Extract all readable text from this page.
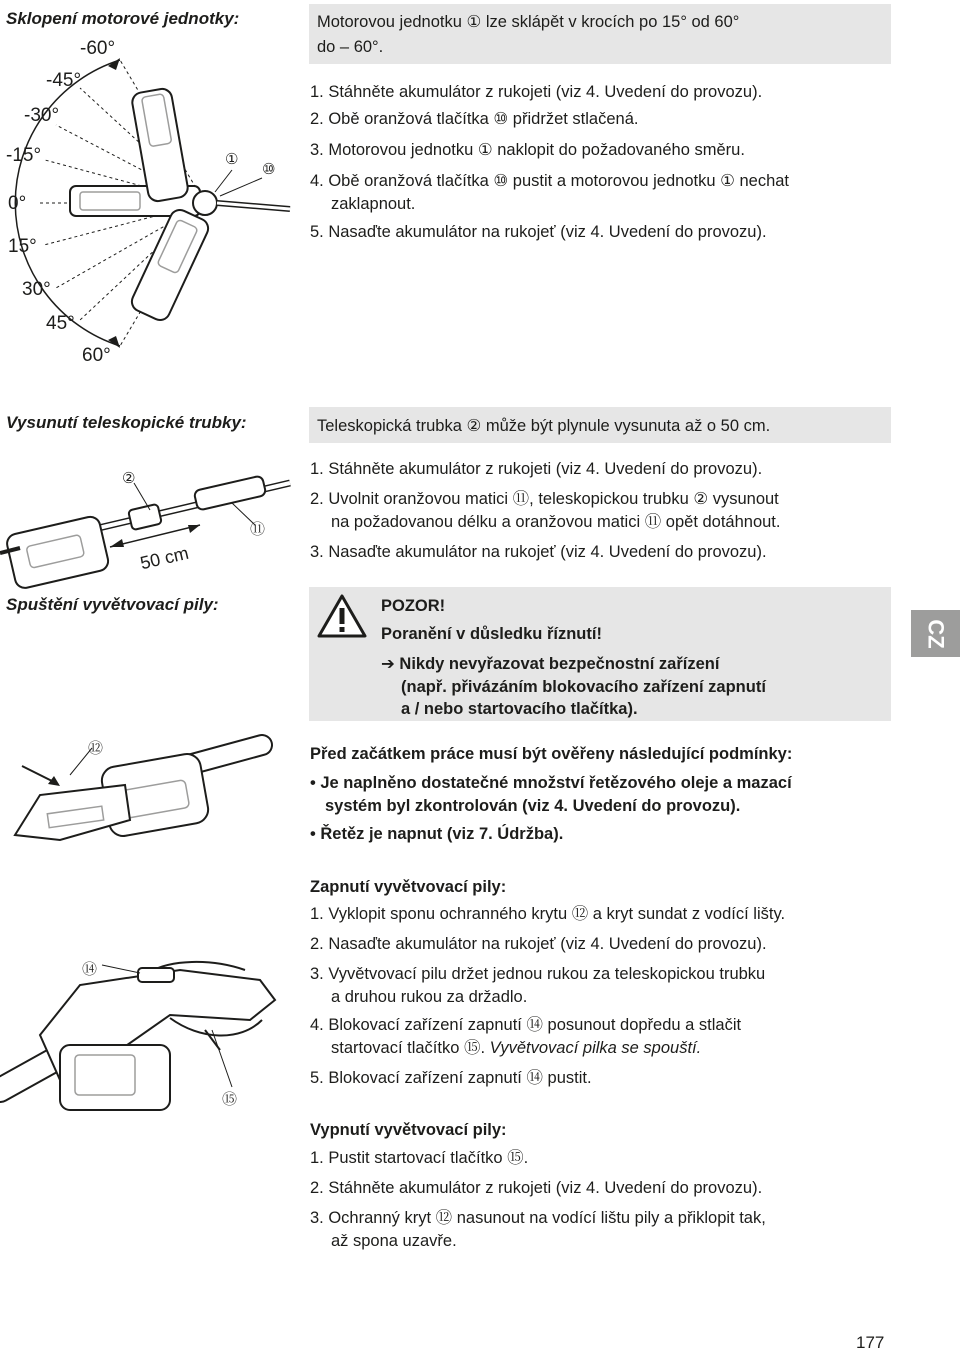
Sklopení motorové jednotky:
-60°
-45°
-30°
-15°
0°
15°
30°
45°
60°
①
⑩
Motorovou jednotku ① lze sklápět v krocích po 15° od 60°
do – 60°.
1. Stáhněte akumulátor z rukojeti (viz 4. Uvedení do provozu).
2. Obě oranžová tlačítka ⑩ přidržet stlačená.
3. Motorovou jednotku ① naklopit do požadovaného směru.
4. Obě oranžová tlačítka ⑩ pustit a motorovou jednotku ① nechat
zaklapnout.
5. Nasaďte akumulátor na rukojeť (viz 4. Uvedení do provozu).
Vysunutí teleskopické trubky:	Teleskopická trubka ② může být plynule vysunuta až o 50 cm.
②
⑪
50 cm
1. Stáhněte akumulátor z rukojeti (viz 4. Uvedení do provozu).
2. Uvolnit oranžovou matici ⑪, teleskopickou trubku ② vysunout
na požadovanou délku a oranžovou matici ⑪ opět dotáhnout.
3. Nasaďte akumulátor na rukojeť (viz 4. Uvedení do provozu).
Spuštění vyvětvovací pily:	POZOR!
Poranění v důsledku říznutí!
➔ Nikdy nevyřazovat bezpečnostní zařízení
(např. přivázáním blokovacího zařízení zapnutí
a / nebo startovacího tlačítka).
CZ
⑫	Před začátkem práce musí být ověřeny následující podmínky:
• Je naplněno dostatečné množství řetězového oleje a mazací
systém byl zkontrolován (viz 4. Uvedení do provozu).
• Řetěz je napnut (viz 7. Údržba).
⑭
⑮
Zapnutí vyvětvovací pily:
1. Vyklopit sponu ochranného krytu ⑫ a kryt sundat z vodící lišty.
2. Nasaďte akumulátor na rukojeť (viz 4. Uvedení do provozu).
3. Vyvětvovací pilu držet jednou rukou za teleskopickou trubku
a druhou rukou za držadlo.
4. Blokovací zařízení zapnutí ⑭ posunout dopředu a stlačit
startovací tlačítko ⑮. Vyvětvovací pilka se spouští.
5. Blokovací zařízení zapnutí ⑭ pustit.
Vypnutí vyvětvovací pily:
1. Pustit startovací tlačítko ⑮.
2. Stáhněte akumulátor z rukojeti (viz 4. Uvedení do provozu).
3. Ochranný kryt ⑫ nasunout na vodící lištu pily a přiklopit tak,
až spona uzavře.
177
